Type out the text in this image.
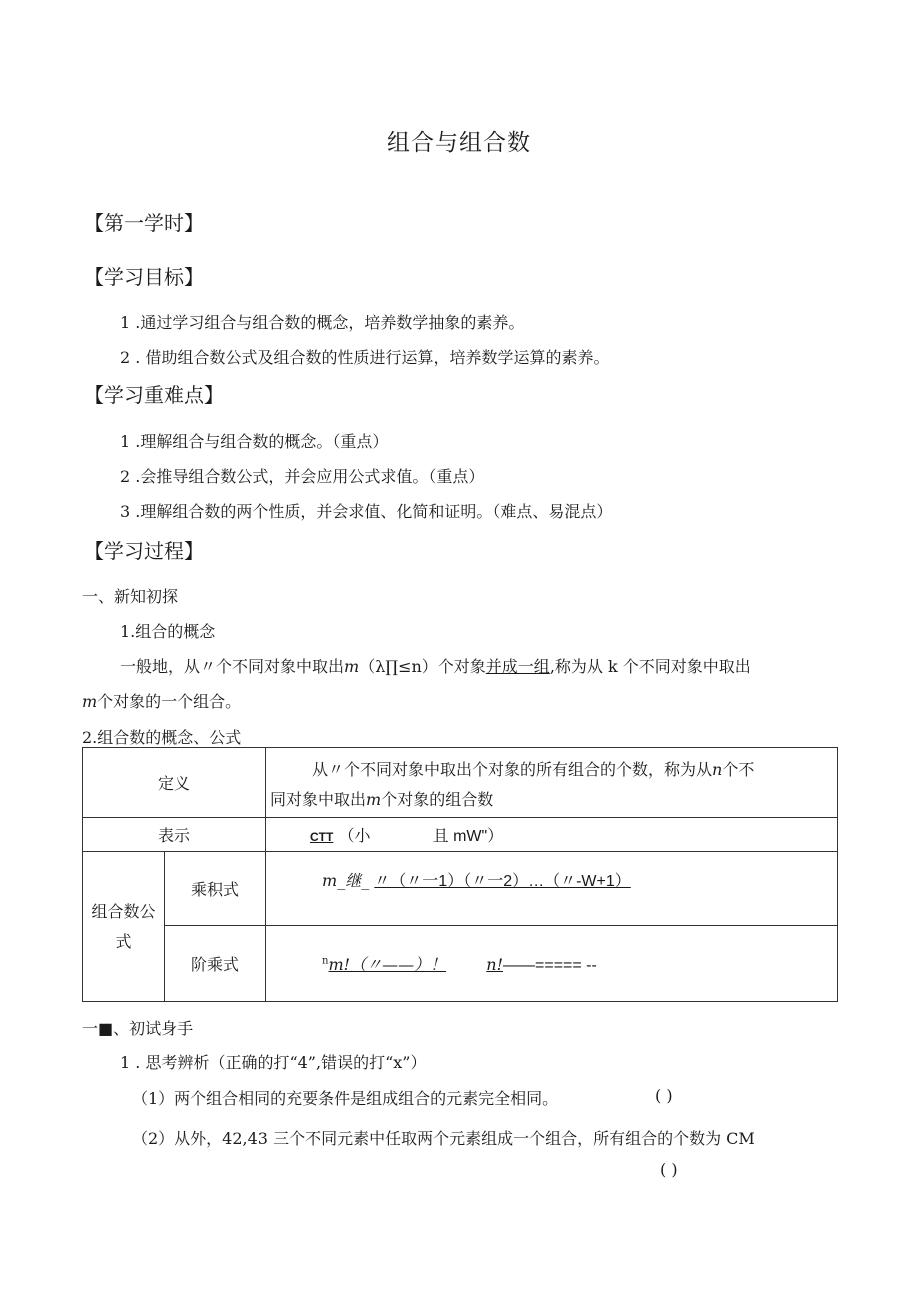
组合与组合数
【第一学时】
【学习目标】
1 .通过学习组合与组合数的概念，培养数学抽象的素养。
2 . 借助组合数公式及组合数的性质进行运算，培养数学运算的素养。
【学习重难点】
1 .理解组合与组合数的概念。（重点）
2 .会推导组合数公式，并会应用公式求值。（重点）
3 .理解组合数的两个性质，并会求值、化简和证明。（难点、易混点）
【学习过程】
一、新知初探
1.组合的概念
一般地，从〃个不同对象中取出m（λ∏≤n）个对象并成一组,称为从 k 个不同对象中取出
m个对象的一个组合。
2.组合数的概念、公式
定义		从〃个不同对象中取出个对象的所有组合的个数，称为从n个不
同对象中取出m个对象的组合数

表示		CTT （小 且 mW"）
组合数公式	乘积式	m_继_ 〃（〃一1）（〃一2）…（〃-W+1）
	阶乘式	$^n$m!（〃——）！ n!——===== --
一■、初试身手
1 . 思考辨析（正确的打“4”,错误的打“x”）
（1）两个组合相同的充要条件是组成组合的元素完全相同。	( )
（2）从外，42,43 三个不同元素中任取两个元素组成一个组合，所有组合的个数为 CM
( )
